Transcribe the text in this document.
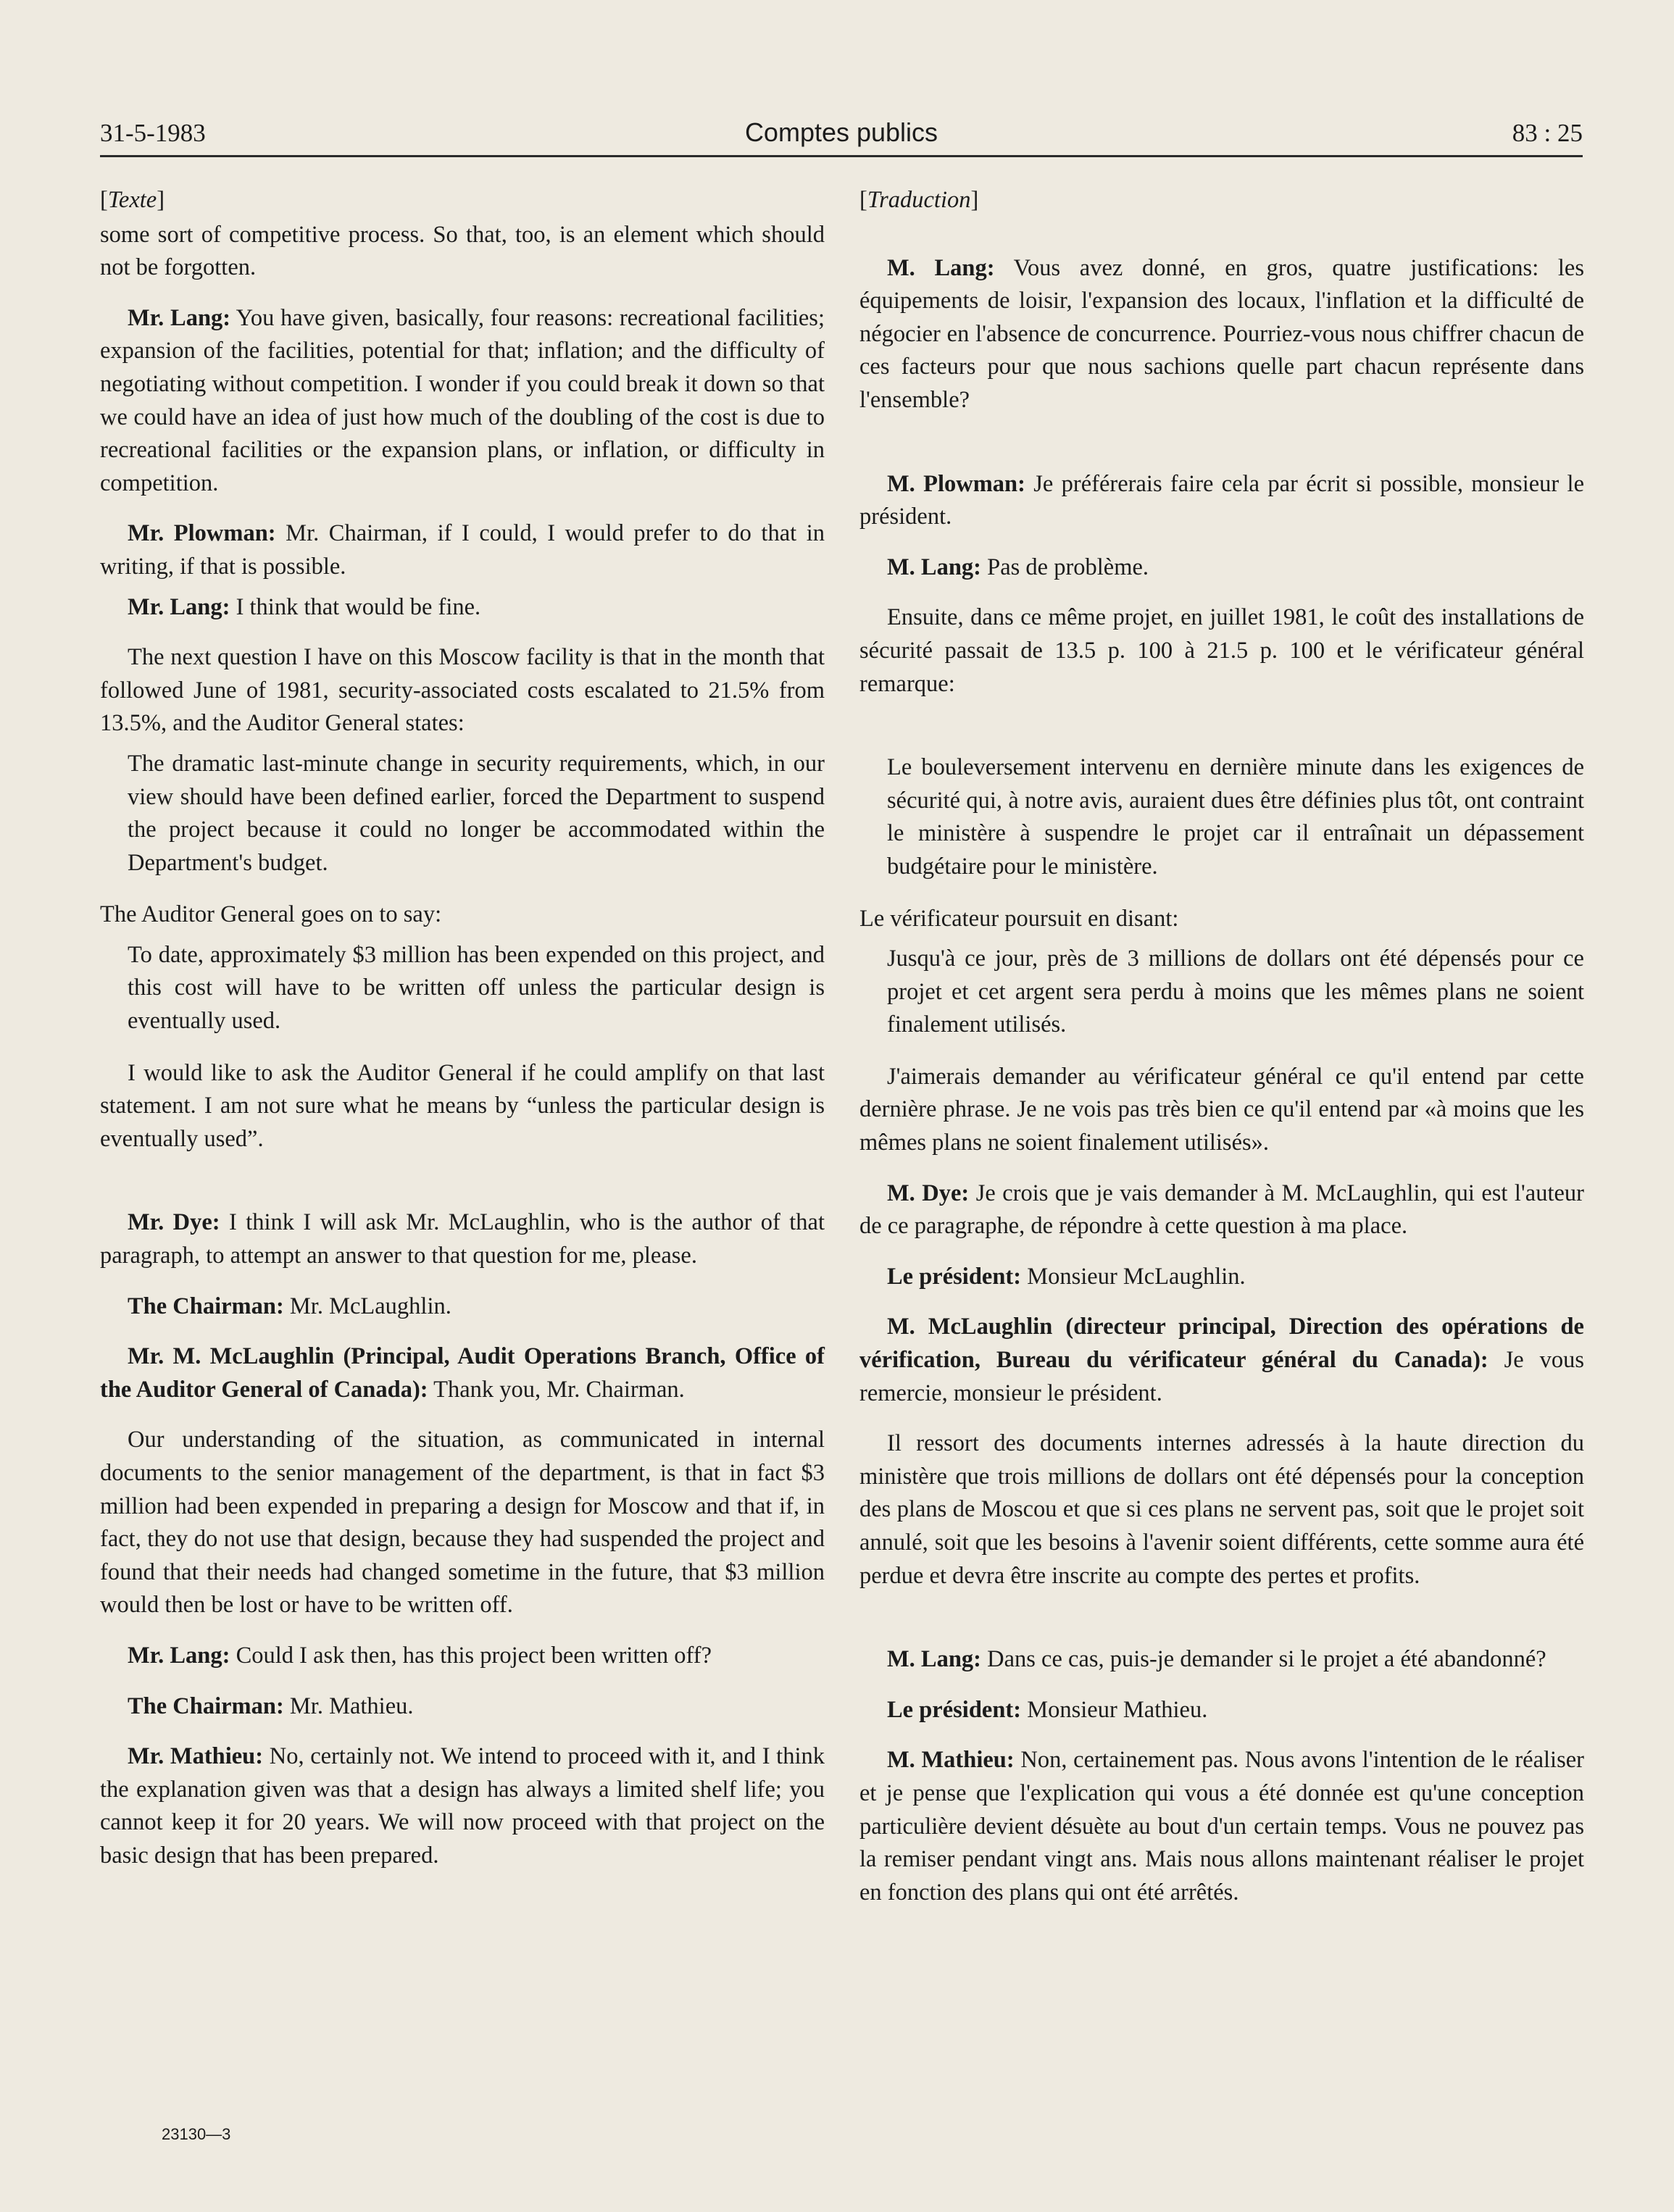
31-5-1983	Comptes publics	83 : 25

[Texte]

some sort of competitive process. So that, too, is an element which should not be forgotten.

Mr. Lang: You have given, basically, four reasons: recreational facilities; expansion of the facilities, potential for that; inflation; and the difficulty of negotiating without competition. I wonder if you could break it down so that we could have an idea of just how much of the doubling of the cost is due to recreational facilities or the expansion plans, or inflation, or difficulty in competition.

Mr. Plowman: Mr. Chairman, if I could, I would prefer to do that in writing, if that is possible.

Mr. Lang: I think that would be fine.

The next question I have on this Moscow facility is that in the month that followed June of 1981, security-associated costs escalated to 21.5% from 13.5%, and the Auditor General states:

The dramatic last-minute change in security requirements, which, in our view should have been defined earlier, forced the Department to suspend the project because it could no longer be accommodated within the Department's budget.

The Auditor General goes on to say:

To date, approximately $3 million has been expended on this project, and this cost will have to be written off unless the particular design is eventually used.

I would like to ask the Auditor General if he could amplify on that last statement. I am not sure what he means by “unless the particular design is eventually used”.

Mr. Dye: I think I will ask Mr. McLaughlin, who is the author of that paragraph, to attempt an answer to that question for me, please.

The Chairman: Mr. McLaughlin.

Mr. M. McLaughlin (Principal, Audit Operations Branch, Office of the Auditor General of Canada): Thank you, Mr. Chairman.

Our understanding of the situation, as communicated in internal documents to the senior management of the department, is that in fact $3 million had been expended in preparing a design for Moscow and that if, in fact, they do not use that design, because they had suspended the project and found that their needs had changed sometime in the future, that $3 million would then be lost or have to be written off.

Mr. Lang: Could I ask then, has this project been written off?

The Chairman: Mr. Mathieu.

Mr. Mathieu: No, certainly not. We intend to proceed with it, and I think the explanation given was that a design has always a limited shelf life; you cannot keep it for 20 years. We will now proceed with that project on the basic design that has been prepared.

[Traduction]

M. Lang: Vous avez donné, en gros, quatre justifications: les équipements de loisir, l'expansion des locaux, l'inflation et la difficulté de négocier en l'absence de concurrence. Pourriez-vous nous chiffrer chacun de ces facteurs pour que nous sachions quelle part chacun représente dans l'ensemble?

M. Plowman: Je préférerais faire cela par écrit si possible, monsieur le président.

M. Lang: Pas de problème.

Ensuite, dans ce même projet, en juillet 1981, le coût des installations de sécurité passait de 13.5 p. 100 à 21.5 p. 100 et le vérificateur général remarque:

Le bouleversement intervenu en dernière minute dans les exigences de sécurité qui, à notre avis, auraient dues être définies plus tôt, ont contraint le ministère à suspendre le projet car il entraînait un dépassement budgétaire pour le ministère.

Le vérificateur poursuit en disant:

Jusqu'à ce jour, près de 3 millions de dollars ont été dépensés pour ce projet et cet argent sera perdu à moins que les mêmes plans ne soient finalement utilisés.

J'aimerais demander au vérificateur général ce qu'il entend par cette dernière phrase. Je ne vois pas très bien ce qu'il entend par «à moins que les mêmes plans ne soient finalement utilisés».

M. Dye: Je crois que je vais demander à M. McLaughlin, qui est l'auteur de ce paragraphe, de répondre à cette question à ma place.

Le président: Monsieur McLaughlin.

M. McLaughlin (directeur principal, Direction des opérations de vérification, Bureau du vérificateur général du Canada): Je vous remercie, monsieur le président.

Il ressort des documents internes adressés à la haute direction du ministère que trois millions de dollars ont été dépensés pour la conception des plans de Moscou et que si ces plans ne servent pas, soit que le projet soit annulé, soit que les besoins à l'avenir soient différents, cette somme aura été perdue et devra être inscrite au compte des pertes et profits.

M. Lang: Dans ce cas, puis-je demander si le projet a été abandonné?

Le président: Monsieur Mathieu.

M. Mathieu: Non, certainement pas. Nous avons l'intention de le réaliser et je pense que l'explication qui vous a été donnée est qu'une conception particulière devient désuète au bout d'un certain temps. Vous ne pouvez pas la remiser pendant vingt ans. Mais nous allons maintenant réaliser le projet en fonction des plans qui ont été arrêtés.

23130—3
